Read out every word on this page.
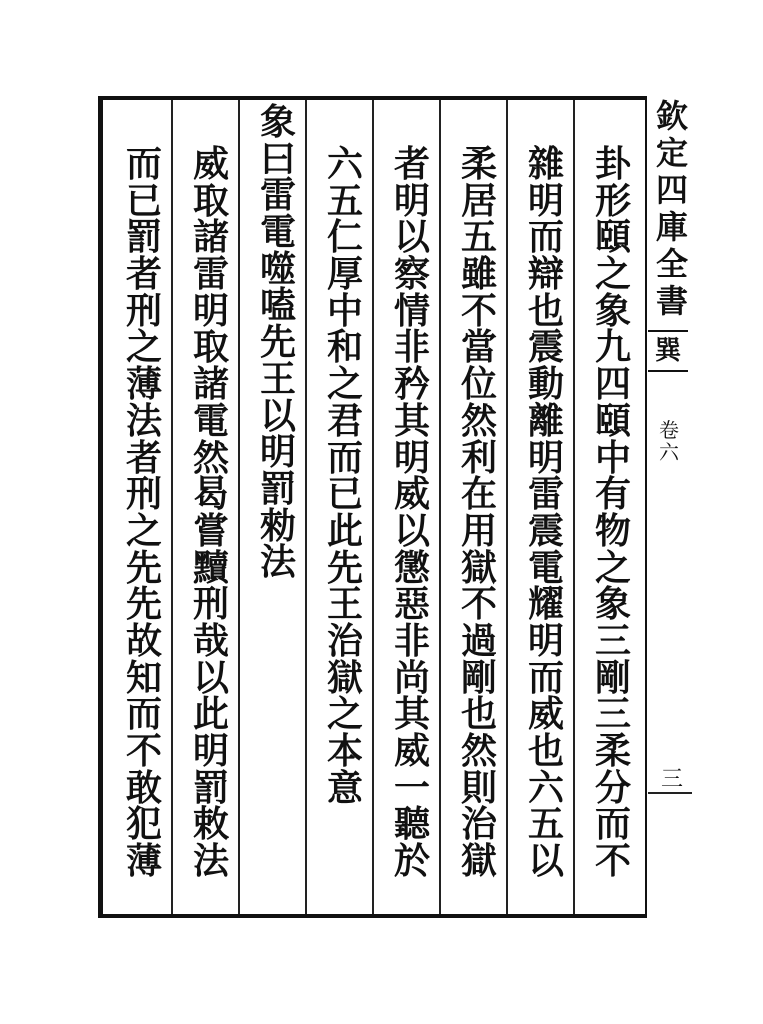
欽
定
四
庫
全
書
巽
卷
六
三
卦
形
頤
之
象
九
四
頤
中
有
物
之
象
三
剛
三
柔
分
而
不
雜
明
而
辯
也
震
動
離
明
雷
震
電
耀
明
而
威
也
六
五
以
柔
居
五
雖
不
當
位
然
利
在
用
獄
不
過
剛
也
然
則
治
獄
者
明
以
察
情
非
矜
其
明
威
以
懲
惡
非
尚
其
威
一
聽
於
六
五
仁
厚
中
和
之
君
而
已
此
先
王
治
獄
之
本
意
象
曰
雷
電
噬
嗑
先
王
以
明
罰
勑
法
威
取
諸
雷
明
取
諸
電
然
曷
嘗
黷
刑
哉
以
此
明
罰
敕
法
而
已
罰
者
刑
之
薄
法
者
刑
之
先
先
故
知
而
不
敢
犯
薄
